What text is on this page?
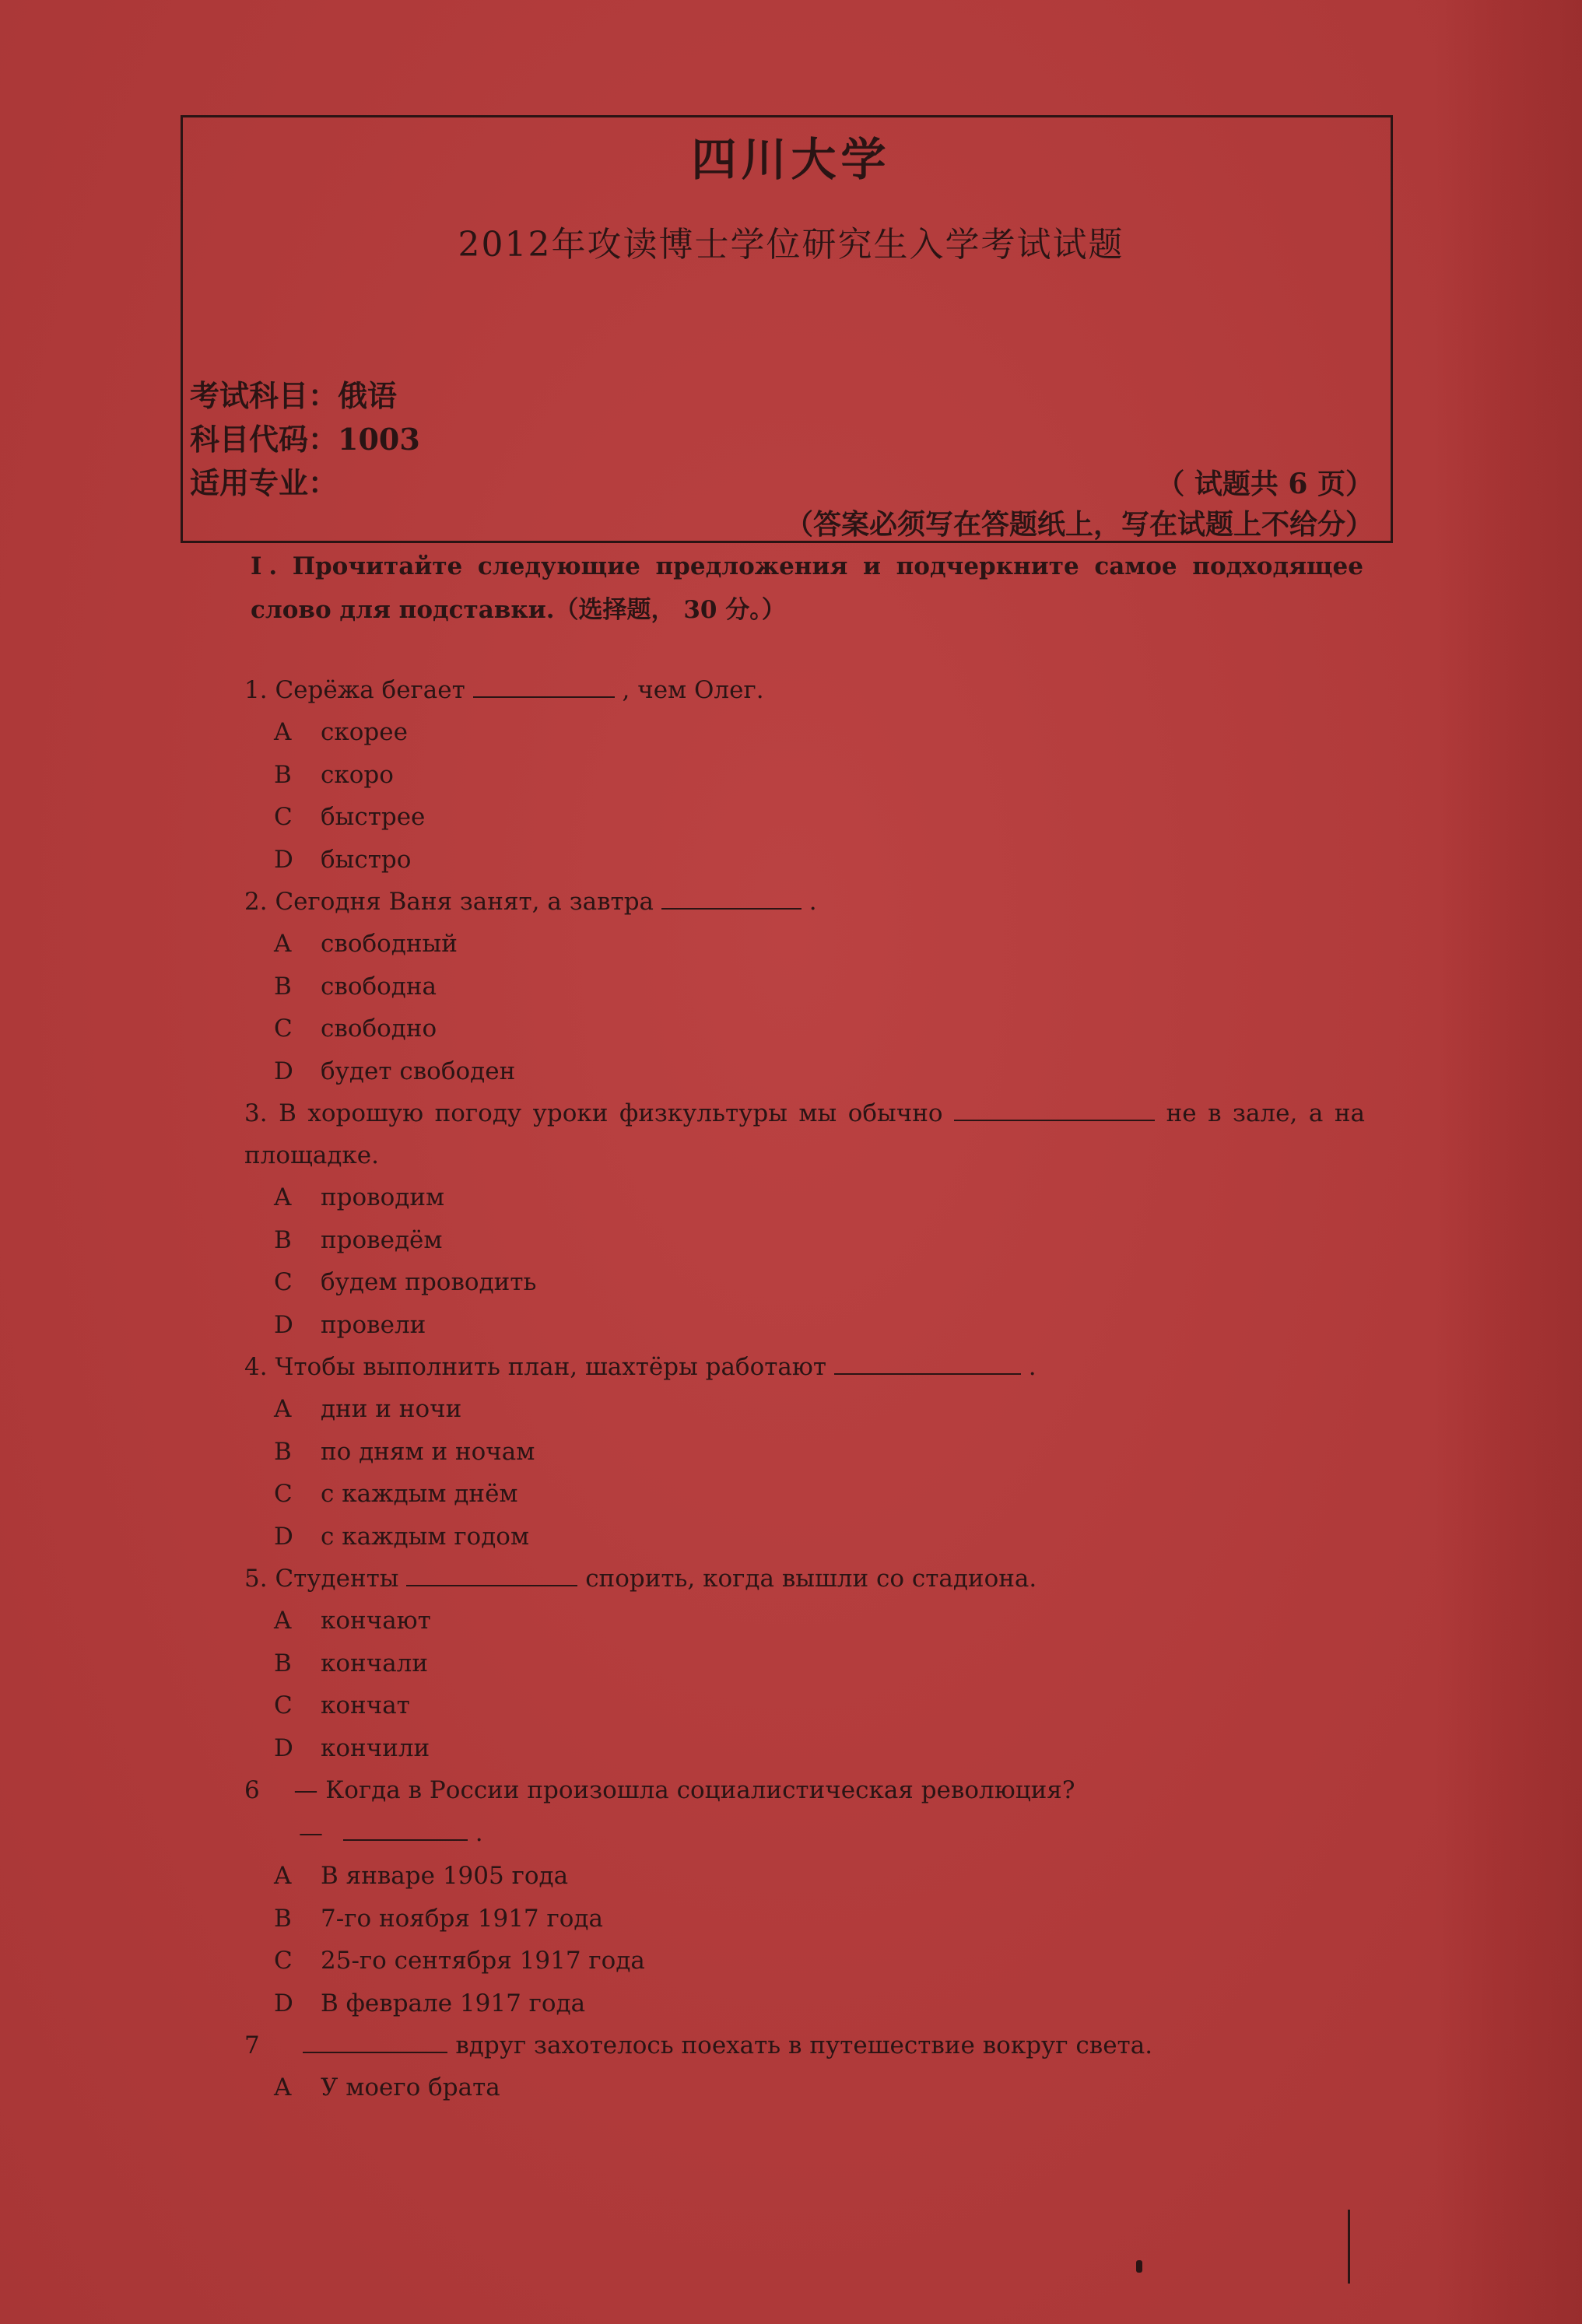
四川大学
2012年攻读博士学位研究生入学考试试题
考试科目：俄语
科目代码：1003
适用专业：	（ 试题共 6 页）
（答案必须写在答题纸上，写在试题上不给分）
Ⅰ. Прочитайте следующие предложения и подчеркните самое подходящее слово для подставки.（选择题， 30 分。）
1. Серёжа бегает	, чем Олег.
A скорее
B скоро
C быстрее
D быстро
2. Сегодня Ваня занят, а завтра	.
A свободный
B свободна
C свободно
D будет свободен
3. В хорошую погоду уроки физкультуры мы обычно	не в зале, а на площадке.
A проводим
B проведём
C будем проводить
D провели
4. Чтобы выполнить план, шахтёры работают	.
A дни и ночи
B по дням и ночам
C с каждым днём
D с каждым годом
5. Студенты	спорить, когда вышли со стадиона.
A кончают
B кончали
C кончат
D кончили
6 — Когда в России произошла социалистическая революция?
—	.
A В январе 1905 года
B 7-го ноября 1917 года
C 25-го сентября 1917 года
D В феврале 1917 года
7	вдруг захотелось поехать в путешествие вокруг света.
A У моего брата
